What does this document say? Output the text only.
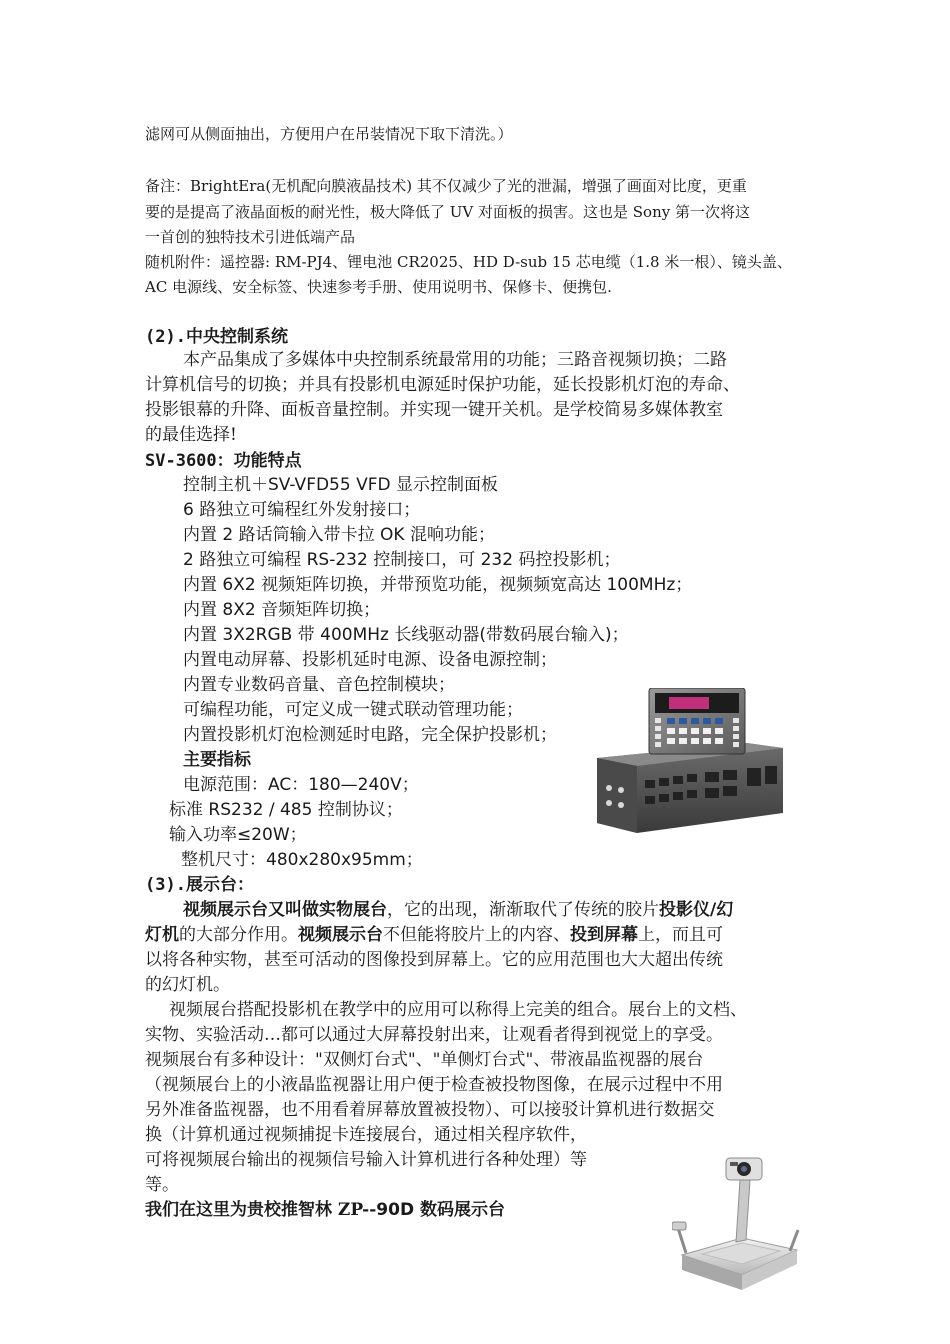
滤网可从侧面抽出，方便用户在吊装情况下取下清洗。）
备注：BrightEra(无机配向膜液晶技术) 其不仅减少了光的泄漏，增强了画面对比度，更重
要的是提高了液晶面板的耐光性，极大降低了 UV 对面板的损害。这也是 Sony 第一次将这
一首创的独特技术引进低端产品
随机附件：遥控器: RM-PJ4、锂电池 CR2025、HD D-sub 15 芯电缆（1.8 米一根）、镜头盖、
AC 电源线、安全标签、快速参考手册、使用说明书、保修卡、便携包.
(2).中央控制系统
本产品集成了多媒体中央控制系统最常用的功能；三路音视频切换；二路
计算机信号的切换；并具有投影机电源延时保护功能，延长投影机灯泡的寿命、
投影银幕的升降、面板音量控制。并实现一键开关机。是学校简易多媒体教室
的最佳选择!
SV-3600：功能特点
控制主机＋SV-VFD55 VFD 显示控制面板
6 路独立可编程红外发射接口；
内置 2 路话筒输入带卡拉 OK 混响功能；
2 路独立可编程 RS-232 控制接口，可 232 码控投影机；
内置 6X2 视频矩阵切换，并带预览功能，视频频宽高达 100MHz；
内置 8X2 音频矩阵切换；
内置 3X2RGB 带 400MHz 长线驱动器(带数码展台输入)；
内置电动屏幕、投影机延时电源、设备电源控制；
内置专业数码音量、音色控制模块；
可编程功能，可定义成一键式联动管理功能；
内置投影机灯泡检测延时电路，完全保护投影机；
主要指标
电源范围：AC：180—240V；
标准 RS232 / 485 控制协议；
输入功率≤20W；
整机尺寸：480x280x95mm；
(3).展示台：
视频展示台又叫做实物展台，它的出现，渐渐取代了传统的胶片投影仪/幻
灯机的大部分作用。视频展示台不但能将胶片上的内容、投到屏幕上，而且可
以将各种实物，甚至可活动的图像投到屏幕上。它的应用范围也大大超出传统
的幻灯机。
视频展台搭配投影机在教学中的应用可以称得上完美的组合。展台上的文档、
实物、实验活动…都可以通过大屏幕投射出来，让观看者得到视觉上的享受。
视频展台有多种设计："双侧灯台式"、"单侧灯台式"、带液晶监视器的展台
（视频展台上的小液晶监视器让用户便于检查被投物图像，在展示过程中不用
另外准备监视器，也不用看着屏幕放置被投物）、可以接驳计算机进行数据交
换（计算机通过视频捕捉卡连接展台，通过相关程序软件，
可将视频展台输出的视频信号输入计算机进行各种处理）等
等。
我们在这里为贵校推智林 ZP--90D 数码展示台
